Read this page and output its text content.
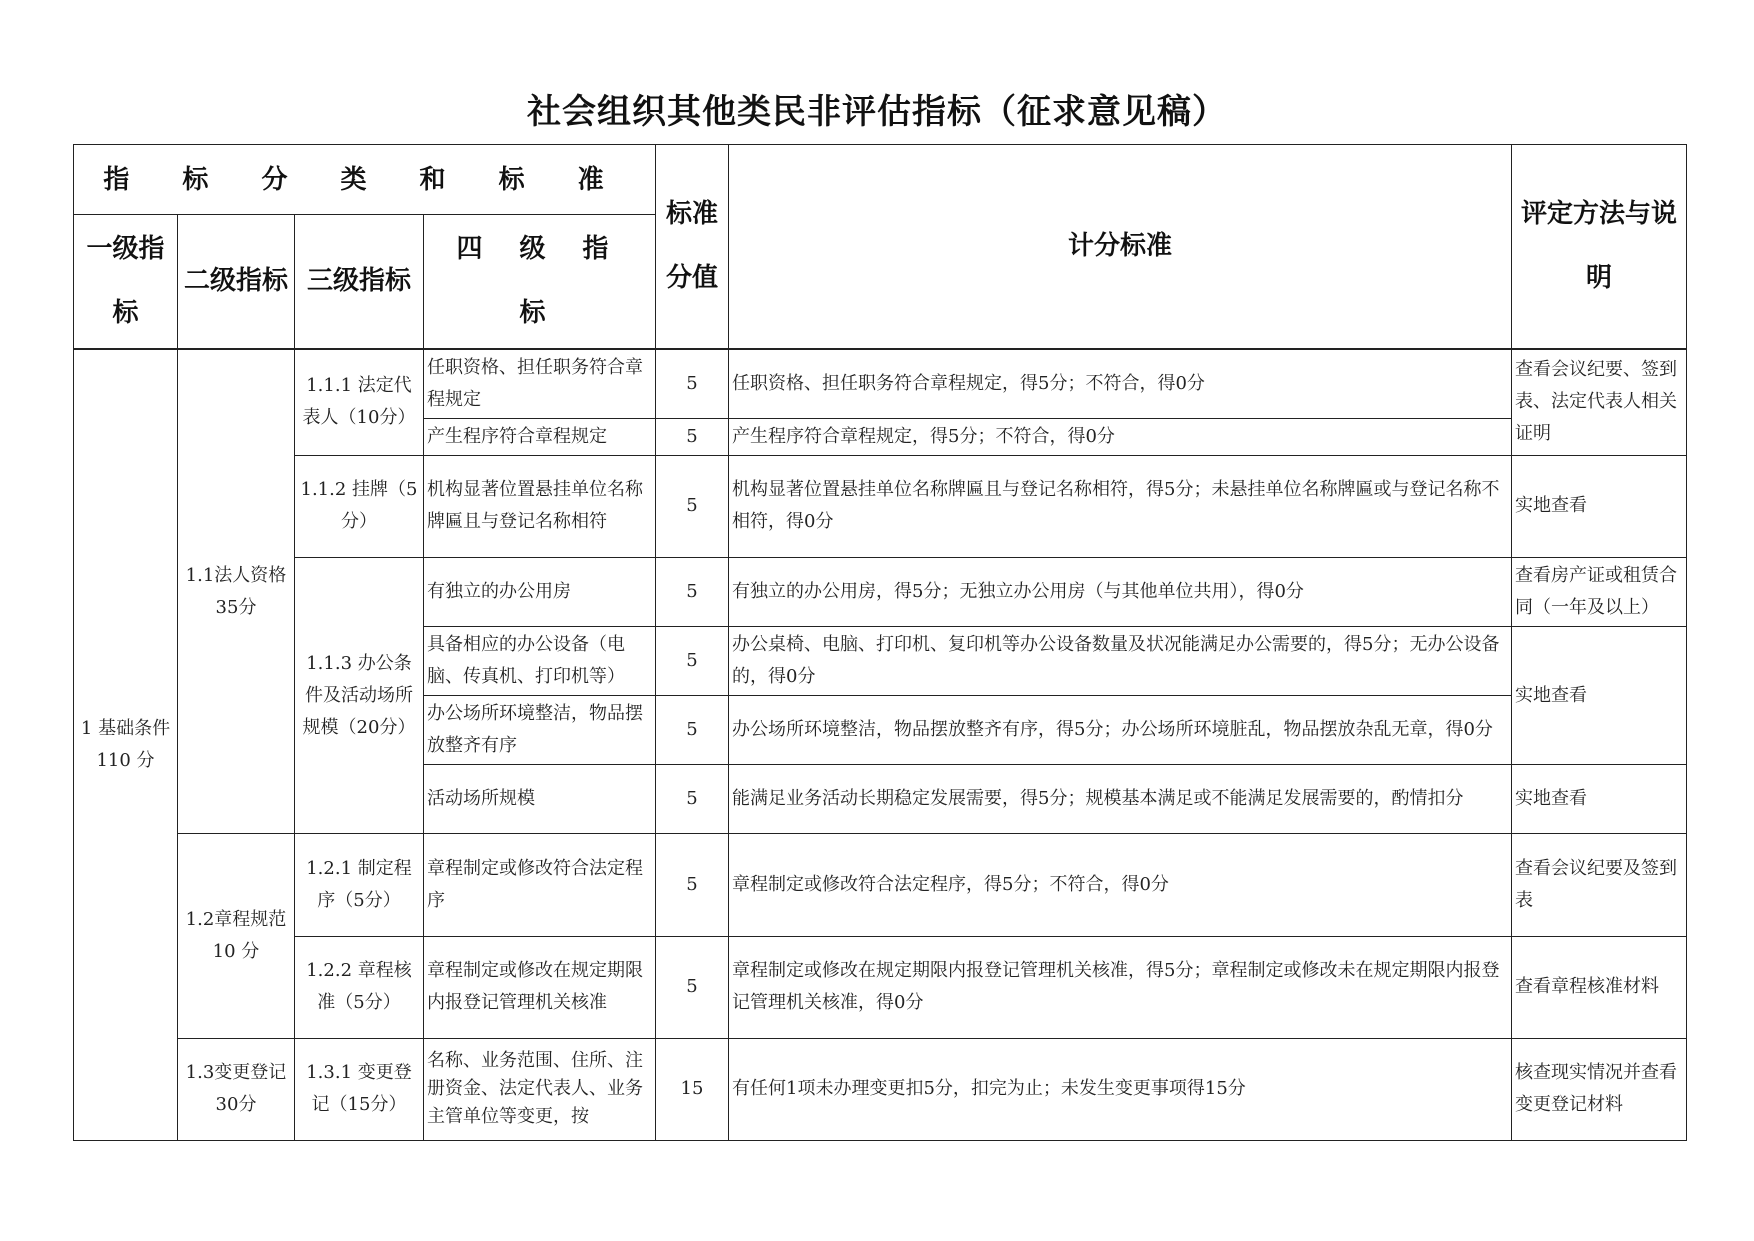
社会组织其他类民非评估指标（征求意见稿）
指 标 分 类 和 标 准				标准分值	计分标准	评定方法与说明
一级指标	二级指标	三级指标	四 级 指 标			
1 基础条件 110 分	1.1法人资格 35分	1.1.1 法定代表人（10分）	任职资格、担任职务符合章程规定	5	任职资格、担任职务符合章程规定，得5分；不符合，得0分	查看会议纪要、签到表、法定代表人相关证明
			产生程序符合章程规定	5	产生程序符合章程规定，得5分；不符合，得0分	
		1.1.2 挂牌（5分）	机构显著位置悬挂单位名称牌匾且与登记名称相符	5	机构显著位置悬挂单位名称牌匾且与登记名称相符，得5分；未悬挂单位名称牌匾或与登记名称不相符，得0分	实地查看
		1.1.3 办公条件及活动场所规模（20分）	有独立的办公用房	5	有独立的办公用房，得5分；无独立办公用房（与其他单位共用），得0分	查看房产证或租赁合同（一年及以上）
			具备相应的办公设备（电脑、传真机、打印机等）	5	办公桌椅、电脑、打印机、复印机等办公设备数量及状况能满足办公需要的，得5分；无办公设备的，得0分	实地查看
			办公场所环境整洁，物品摆放整齐有序	5	办公场所环境整洁，物品摆放整齐有序，得5分；办公场所环境脏乱，物品摆放杂乱无章，得0分	
			活动场所规模	5	能满足业务活动长期稳定发展需要，得5分；规模基本满足或不能满足发展需要的，酌情扣分	实地查看
	1.2章程规范 10 分	1.2.1 制定程序（5分）	章程制定或修改符合法定程序	5	章程制定或修改符合法定程序，得5分；不符合，得0分	查看会议纪要及签到表
		1.2.2 章程核准（5分）	章程制定或修改在规定期限内报登记管理机关核准	5	章程制定或修改在规定期限内报登记管理机关核准，得5分；章程制定或修改未在规定期限内报登记管理机关核准，得0分	查看章程核准材料
	1.3变更登记 30分	1.3.1 变更登记（15分）	名称、业务范围、住所、注册资金、法定代表人、业务主管单位等变更，按	15	有任何1项未办理变更扣5分，扣完为止；未发生变更事项得15分	核查现实情况并查看变更登记材料
